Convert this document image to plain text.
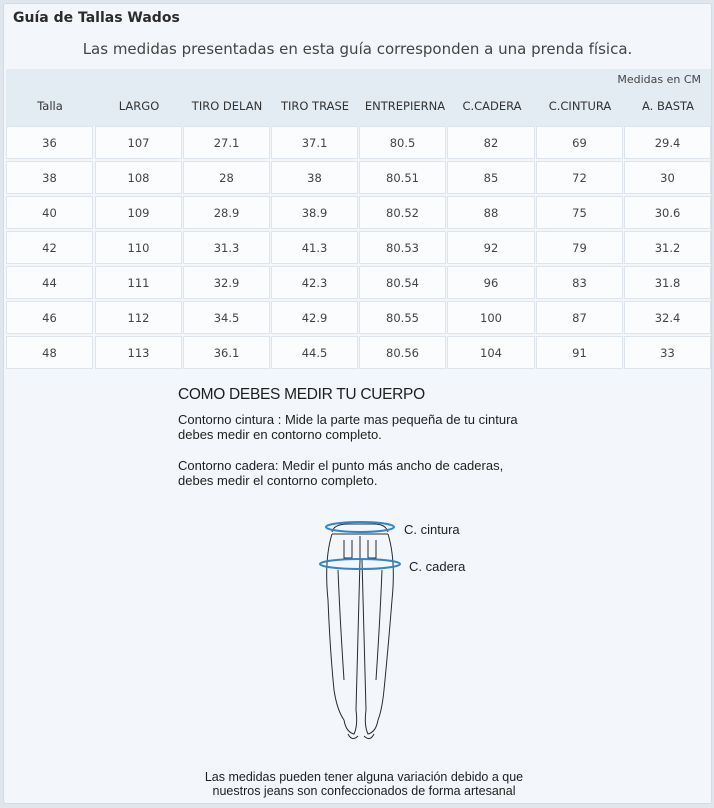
Guía de Tallas Wados
Las medidas presentadas en esta guía corresponden a una prenda física.
Medidas en CM
Talla	LARGO	TIRO DELAN	TIRO TRASE	ENTREPIERNA	C.CADERA	C.CINTURA	A. BASTA
36	107	27.1	37.1	80.5	82	69	29.4
38	108	28	38	80.51	85	72	30
40	109	28.9	38.9	80.52	88	75	30.6
42	110	31.3	41.3	80.53	92	79	31.2
44	111	32.9	42.3	80.54	96	83	31.8
46	112	34.5	42.9	80.55	100	87	32.4
48	113	36.1	44.5	80.56	104	91	33
COMO DEBES MEDIR TU CUERPO
Contorno cintura : Mide la parte mas pequeña de tu cintura
debes medir en contorno completo.
Contorno cadera: Medir el punto más ancho de caderas,
debes medir el contorno completo.
C. cintura
C. cadera
Las medidas pueden tener alguna variación debido a que
nuestros jeans son confeccionados de forma artesanal
